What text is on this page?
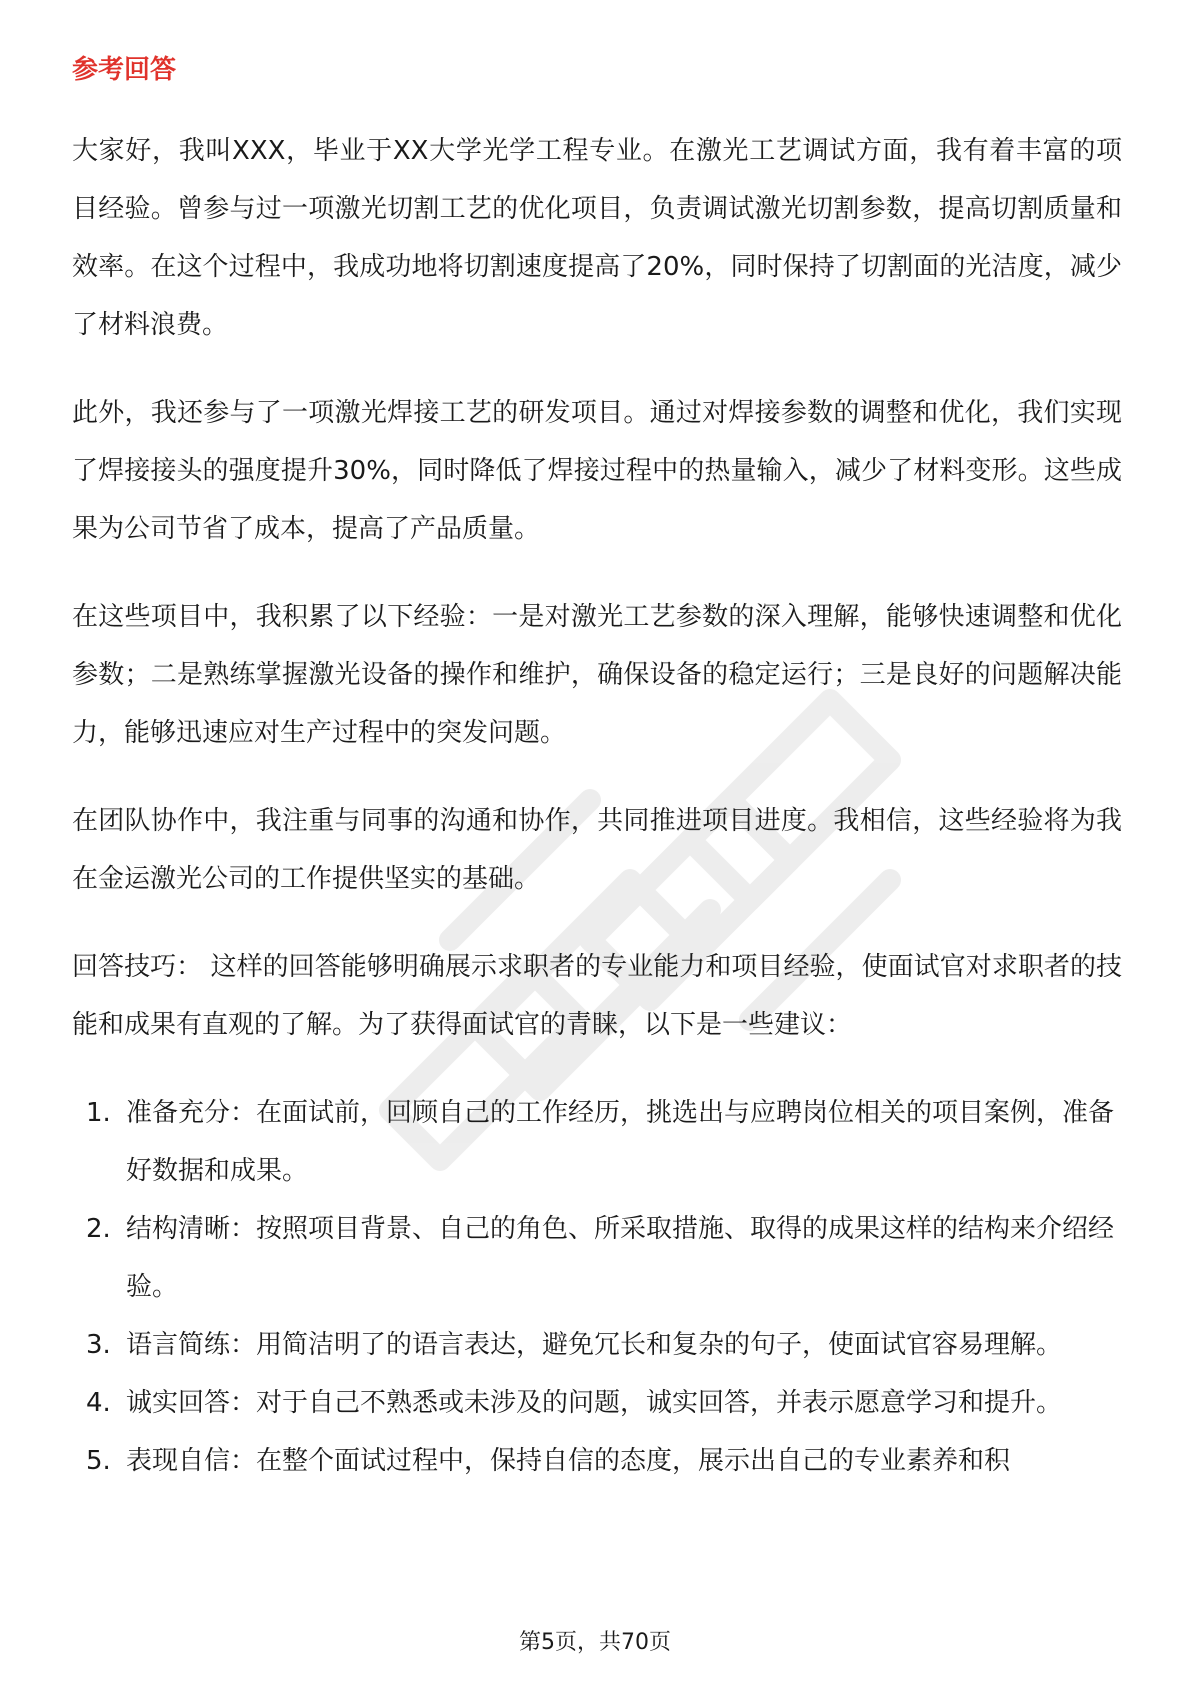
参考回答

大家好，我叫XXX，毕业于XX大学光学工程专业。在激光工艺调试方面，我有着丰富的项目经验。曾参与过一项激光切割工艺的优化项目，负责调试激光切割参数，提高切割质量和效率。在这个过程中，我成功地将切割速度提高了20%，同时保持了切割面的光洁度，减少了材料浪费。

此外，我还参与了一项激光焊接工艺的研发项目。通过对焊接参数的调整和优化，我们实现了焊接接头的强度提升30%，同时降低了焊接过程中的热量输入，减少了材料变形。这些成果为公司节省了成本，提高了产品质量。

在这些项目中，我积累了以下经验：一是对激光工艺参数的深入理解，能够快速调整和优化参数；二是熟练掌握激光设备的操作和维护，确保设备的稳定运行；三是良好的问题解决能力，能够迅速应对生产过程中的突发问题。

在团队协作中，我注重与同事的沟通和协作，共同推进项目进度。我相信，这些经验将为我在金运激光公司的工作提供坚实的基础。

回答技巧： 这样的回答能够明确展示求职者的专业能力和项目经验，使面试官对求职者的技能和成果有直观的了解。为了获得面试官的青睐，以下是一些建议：

1. 准备充分：在面试前，回顾自己的工作经历，挑选出与应聘岗位相关的项目案例，准备好数据和成果。
2. 结构清晰：按照项目背景、自己的角色、所采取措施、取得的成果这样的结构来介绍经验。
3. 语言简练：用简洁明了的语言表达，避免冗长和复杂的句子，使面试官容易理解。
4. 诚实回答：对于自己不熟悉或未涉及的问题，诚实回答，并表示愿意学习和提升。
5. 表现自信：在整个面试过程中，保持自信的态度，展示出自己的专业素养和积
第5页，共70页
